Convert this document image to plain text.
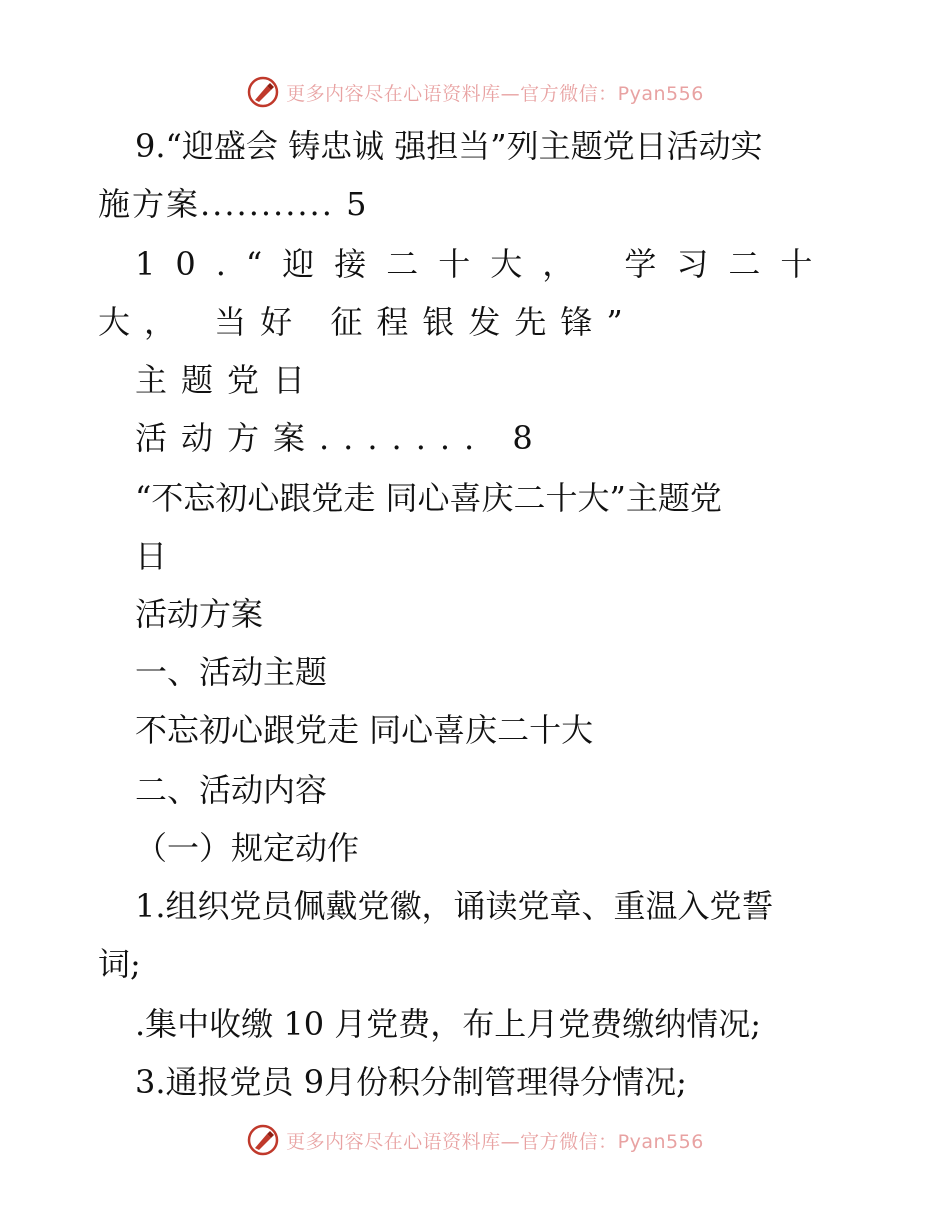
更多内容尽在心语资料库—官方微信：Pyan556
9.“迎盛会 铸忠诚 强担当”列主题党日活动实
施方案........... 5
10.“迎接二十大， 学习二十
大， 当好 征程银发先锋”
主题党日
活动方案....... 8
“不忘初心跟党走 同心喜庆二十大”主题党
日
活动方案
一、活动主题
不忘初心跟党走 同心喜庆二十大
二、活动内容
（一）规定动作
1.组织党员佩戴党徽，诵读党章、重温入党誓
词;
.集中收缴 10 月党费，布上月党费缴纳情况;
3.通报党员 9月份积分制管理得分情况;
更多内容尽在心语资料库—官方微信：Pyan556
